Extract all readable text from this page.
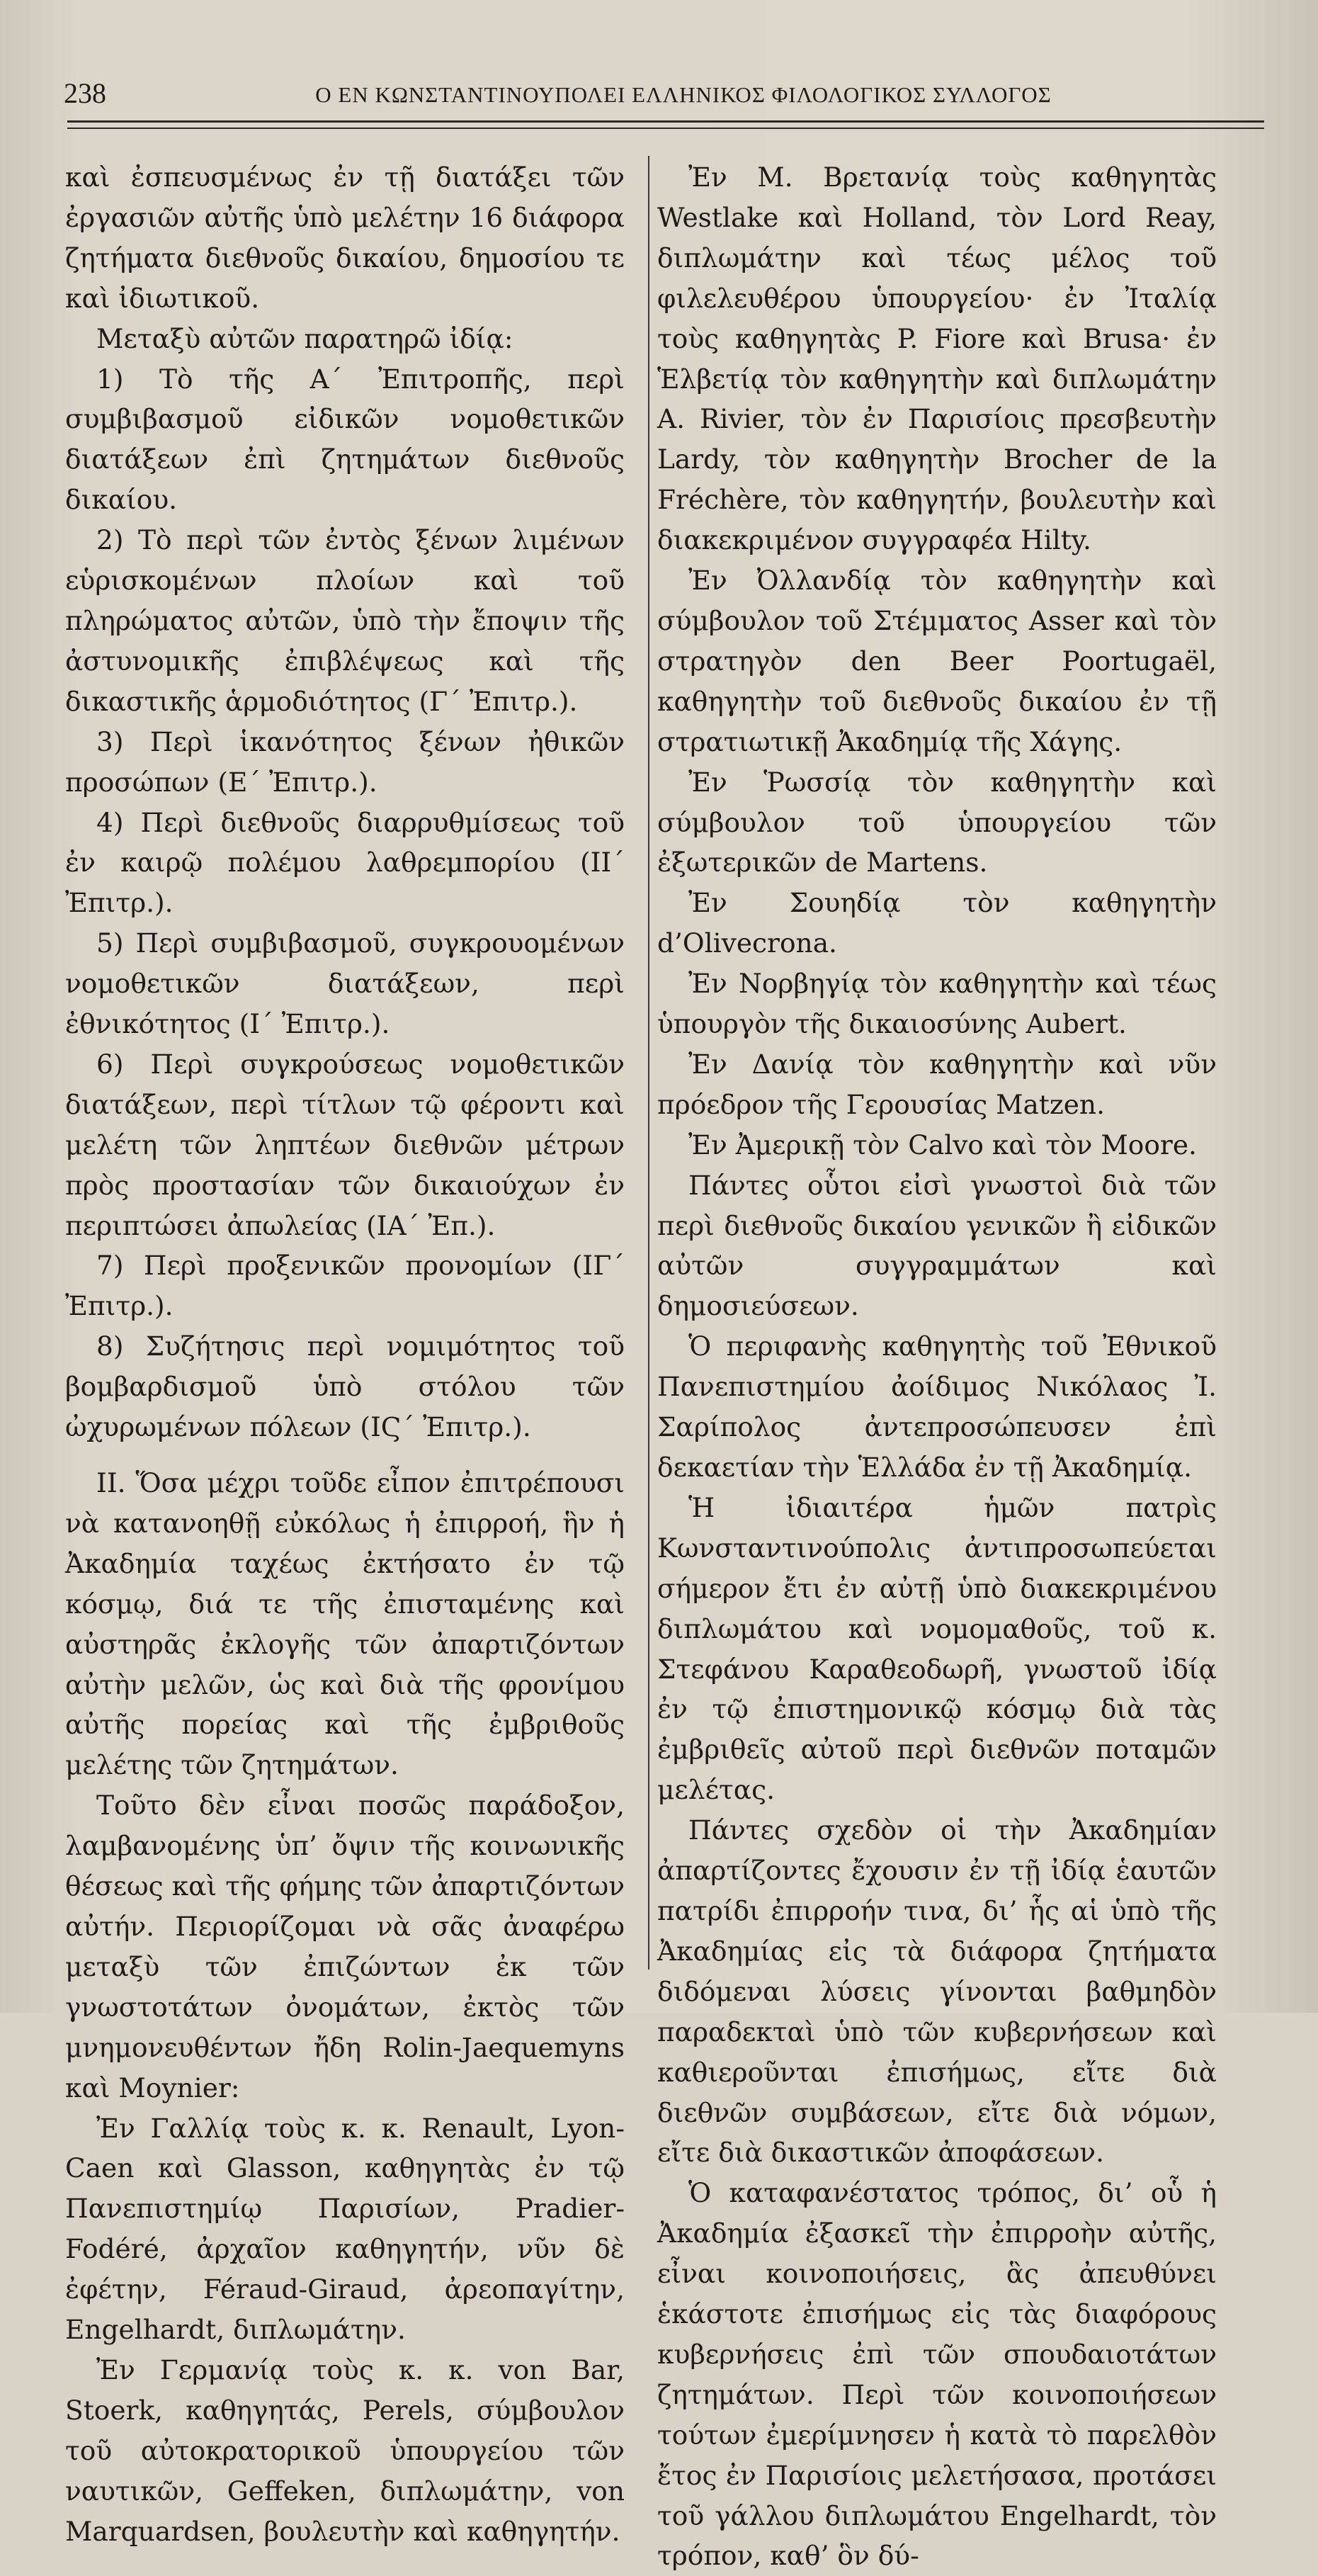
238	Ο ΕΝ ΚΩΝΣΤΑΝΤΙΝΟΥΠΟΛΕΙ ΕΛΛΗΝΙΚΟΣ ΦΙΛΟΛΟΓΙΚΟΣ ΣΥΛΛΟΓΟΣ

καὶ ἐσπευσμένως ἐν τῇ διατάξει τῶν ἐργασιῶν αὐτῆς ὑπὸ μελέτην 16 διάφορα ζητήματα διεθνοῦς δικαίου, δημοσίου τε καὶ ἰδιωτικοῦ.

Μεταξὺ αὐτῶν παρατηρῶ ἰδίᾳ:

1) Τὸ τῆς Α΄ Ἐπιτροπῆς, περὶ συμβιβασμοῦ εἰδικῶν νομοθετικῶν διατάξεων ἐπὶ ζητημάτων διεθνοῦς δικαίου.

2) Τὸ περὶ τῶν ἐντὸς ξένων λιμένων εὑρισκομένων πλοίων καὶ τοῦ πληρώματος αὐτῶν, ὑπὸ τὴν ἔποψιν τῆς ἀστυνομικῆς ἐπιβλέψεως καὶ τῆς δικαστικῆς ἁρμοδιότητος (Γ΄ Ἐπιτρ.).

3) Περὶ ἱκανότητος ξένων ἠθικῶν προσώπων (Ε΄ Ἐπιτρ.).

4) Περὶ διεθνοῦς διαρρυθμίσεως τοῦ ἐν καιρῷ πολέμου λαθρεμπορίου (ΙΙ΄ Ἐπιτρ.).

5) Περὶ συμβιβασμοῦ, συγκρουομένων νομοθετικῶν διατάξεων, περὶ ἐθνικότητος (Ι΄ Ἐπιτρ.).

6) Περὶ συγκρούσεως νομοθετικῶν διατάξεων, περὶ τίτλων τῷ φέροντι καὶ μελέτη τῶν ληπτέων διεθνῶν μέτρων πρὸς προστασίαν τῶν δικαιούχων ἐν περιπτώσει ἀπωλείας (ΙΑ΄ Ἐπ.).

7) Περὶ προξενικῶν προνομίων (ΙΓ΄ Ἐπιτρ.).

8) Συζήτησις περὶ νομιμότητος τοῦ βομβαρδισμοῦ ὑπὸ στόλου τῶν ὠχυρωμένων πόλεων (ΙϚ΄ Ἐπιτρ.).

ΙΙ. Ὅσα μέχρι τοῦδε εἶπον ἐπιτρέπουσι νὰ κατανοηθῇ εὐκόλως ἡ ἐπιρροή, ἣν ἡ Ἀκαδημία ταχέως ἐκτήσατο ἐν τῷ κόσμῳ, διά τε τῆς ἐπισταμένης καὶ αὐστηρᾶς ἐκλογῆς τῶν ἀπαρτιζόντων αὐτὴν μελῶν, ὡς καὶ διὰ τῆς φρονίμου αὐτῆς πορείας καὶ τῆς ἐμβριθοῦς μελέτης τῶν ζητημάτων.

Τοῦτο δὲν εἶναι ποσῶς παράδοξον, λαμβανομένης ὑπ’ ὄψιν τῆς κοινωνικῆς θέσεως καὶ τῆς φήμης τῶν ἀπαρτιζόντων αὐτήν. Περιορίζομαι νὰ σᾶς ἀναφέρω μεταξὺ τῶν ἐπιζώντων ἐκ τῶν γνωστοτάτων ὀνομάτων, ἐκτὸς τῶν μνημονευθέντων ἤδη Rolin-Jaequemyns καὶ Moynier:

Ἐν Γαλλίᾳ τοὺς κ. κ. Renault, Lyon-Caen καὶ Glasson, καθηγητὰς ἐν τῷ Πανεπιστημίῳ Παρισίων, Pradier-Fodéré, ἀρχαῖον καθηγητήν, νῦν δὲ ἐφέτην, Féraud-Giraud, ἀρεοπαγίτην, Engelhardt, διπλωμάτην.

Ἐν Γερμανίᾳ τοὺς κ. κ. von Bar, Stoerk, καθηγητάς, Perels, σύμβουλον τοῦ αὐτοκρατορικοῦ ὑπουργείου τῶν ναυτικῶν, Geffeken, διπλωμάτην, von Marquardsen, βουλευτὴν καὶ καθηγητήν.

Ἐν Μ. Βρετανίᾳ τοὺς καθηγητὰς Westlake καὶ Holland, τὸν Lord Reay, διπλωμάτην καὶ τέως μέλος τοῦ φιλελευθέρου ὑπουργείου· ἐν Ἰταλίᾳ τοὺς καθηγητὰς P. Fiore καὶ Brusa· ἐν Ἑλβετίᾳ τὸν καθηγητὴν καὶ διπλωμάτην A. Rivier, τὸν ἐν Παρισίοις πρεσβευτὴν Lardy, τὸν καθηγητὴν Brocher de la Fréchère, τὸν καθηγητήν, βουλευτὴν καὶ διακεκριμένον συγγραφέα Hilty.

Ἐν Ὀλλανδίᾳ τὸν καθηγητὴν καὶ σύμβουλον τοῦ Στέμματος Asser καὶ τὸν στρατηγὸν den Beer Poortugaël, καθηγητὴν τοῦ διεθνοῦς δικαίου ἐν τῇ στρατιωτικῇ Ἀκαδημίᾳ τῆς Χάγης.

Ἐν Ῥωσσίᾳ τὸν καθηγητὴν καὶ σύμβουλον τοῦ ὑπουργείου τῶν ἐξωτερικῶν de Martens.

Ἐν Σουηδίᾳ τὸν καθηγητὴν d’Olivecrona.

Ἐν Νορβηγίᾳ τὸν καθηγητὴν καὶ τέως ὑπουργὸν τῆς δικαιοσύνης Aubert.

Ἐν Δανίᾳ τὸν καθηγητὴν καὶ νῦν πρόεδρον τῆς Γερουσίας Matzen.

Ἐν Ἀμερικῇ τὸν Calvo καὶ τὸν Moore.

Πάντες οὗτοι εἰσὶ γνωστοὶ διὰ τῶν περὶ διεθνοῦς δικαίου γενικῶν ἢ εἰδικῶν αὐτῶν συγγραμμάτων καὶ δημοσιεύσεων.

Ὁ περιφανὴς καθηγητὴς τοῦ Ἐθνικοῦ Πανεπιστημίου ἀοίδιμος Νικόλαος Ἰ. Σαρίπολος ἀντεπροσώπευσεν ἐπὶ δεκαετίαν τὴν Ἑλλάδα ἐν τῇ Ἀκαδημίᾳ.

Ἡ ἰδιαιτέρα ἡμῶν πατρὶς Κωνσταντινούπολις ἀντιπροσωπεύεται σήμερον ἔτι ἐν αὐτῇ ὑπὸ διακεκριμένου διπλωμάτου καὶ νομομαθοῦς, τοῦ κ. Στεφάνου Καραθεοδωρῆ, γνωστοῦ ἰδίᾳ ἐν τῷ ἐπιστημονικῷ κόσμῳ διὰ τὰς ἐμβριθεῖς αὐτοῦ περὶ διεθνῶν ποταμῶν μελέτας.

Πάντες σχεδὸν οἱ τὴν Ἀκαδημίαν ἀπαρτίζοντες ἔχουσιν ἐν τῇ ἰδίᾳ ἑαυτῶν πατρίδι ἐπιρροήν τινα, δι’ ἧς αἱ ὑπὸ τῆς Ἀκαδημίας εἰς τὰ διάφορα ζητήματα διδόμεναι λύσεις γίνονται βαθμηδὸν παραδεκταὶ ὑπὸ τῶν κυβερνήσεων καὶ καθιεροῦνται ἐπισήμως, εἴτε διὰ διεθνῶν συμβάσεων, εἴτε διὰ νόμων, εἴτε διὰ δικαστικῶν ἀποφάσεων.

Ὁ καταφανέστατος τρόπος, δι’ οὗ ἡ Ἀκαδημία ἐξασκεῖ τὴν ἐπιρροὴν αὐτῆς, εἶναι κοινοποιήσεις, ἃς ἀπευθύνει ἑκάστοτε ἐπισήμως εἰς τὰς διαφόρους κυβερνήσεις ἐπὶ τῶν σπουδαιοτάτων ζητημάτων. Περὶ τῶν κοινοποιήσεων τούτων ἐμερίμνησεν ἡ κατὰ τὸ παρελθὸν ἔτος ἐν Παρισίοις μελετήσασα, προτάσει τοῦ γάλλου διπλωμάτου Engelhardt, τὸν τρόπον, καθ’ ὃν δύ-
